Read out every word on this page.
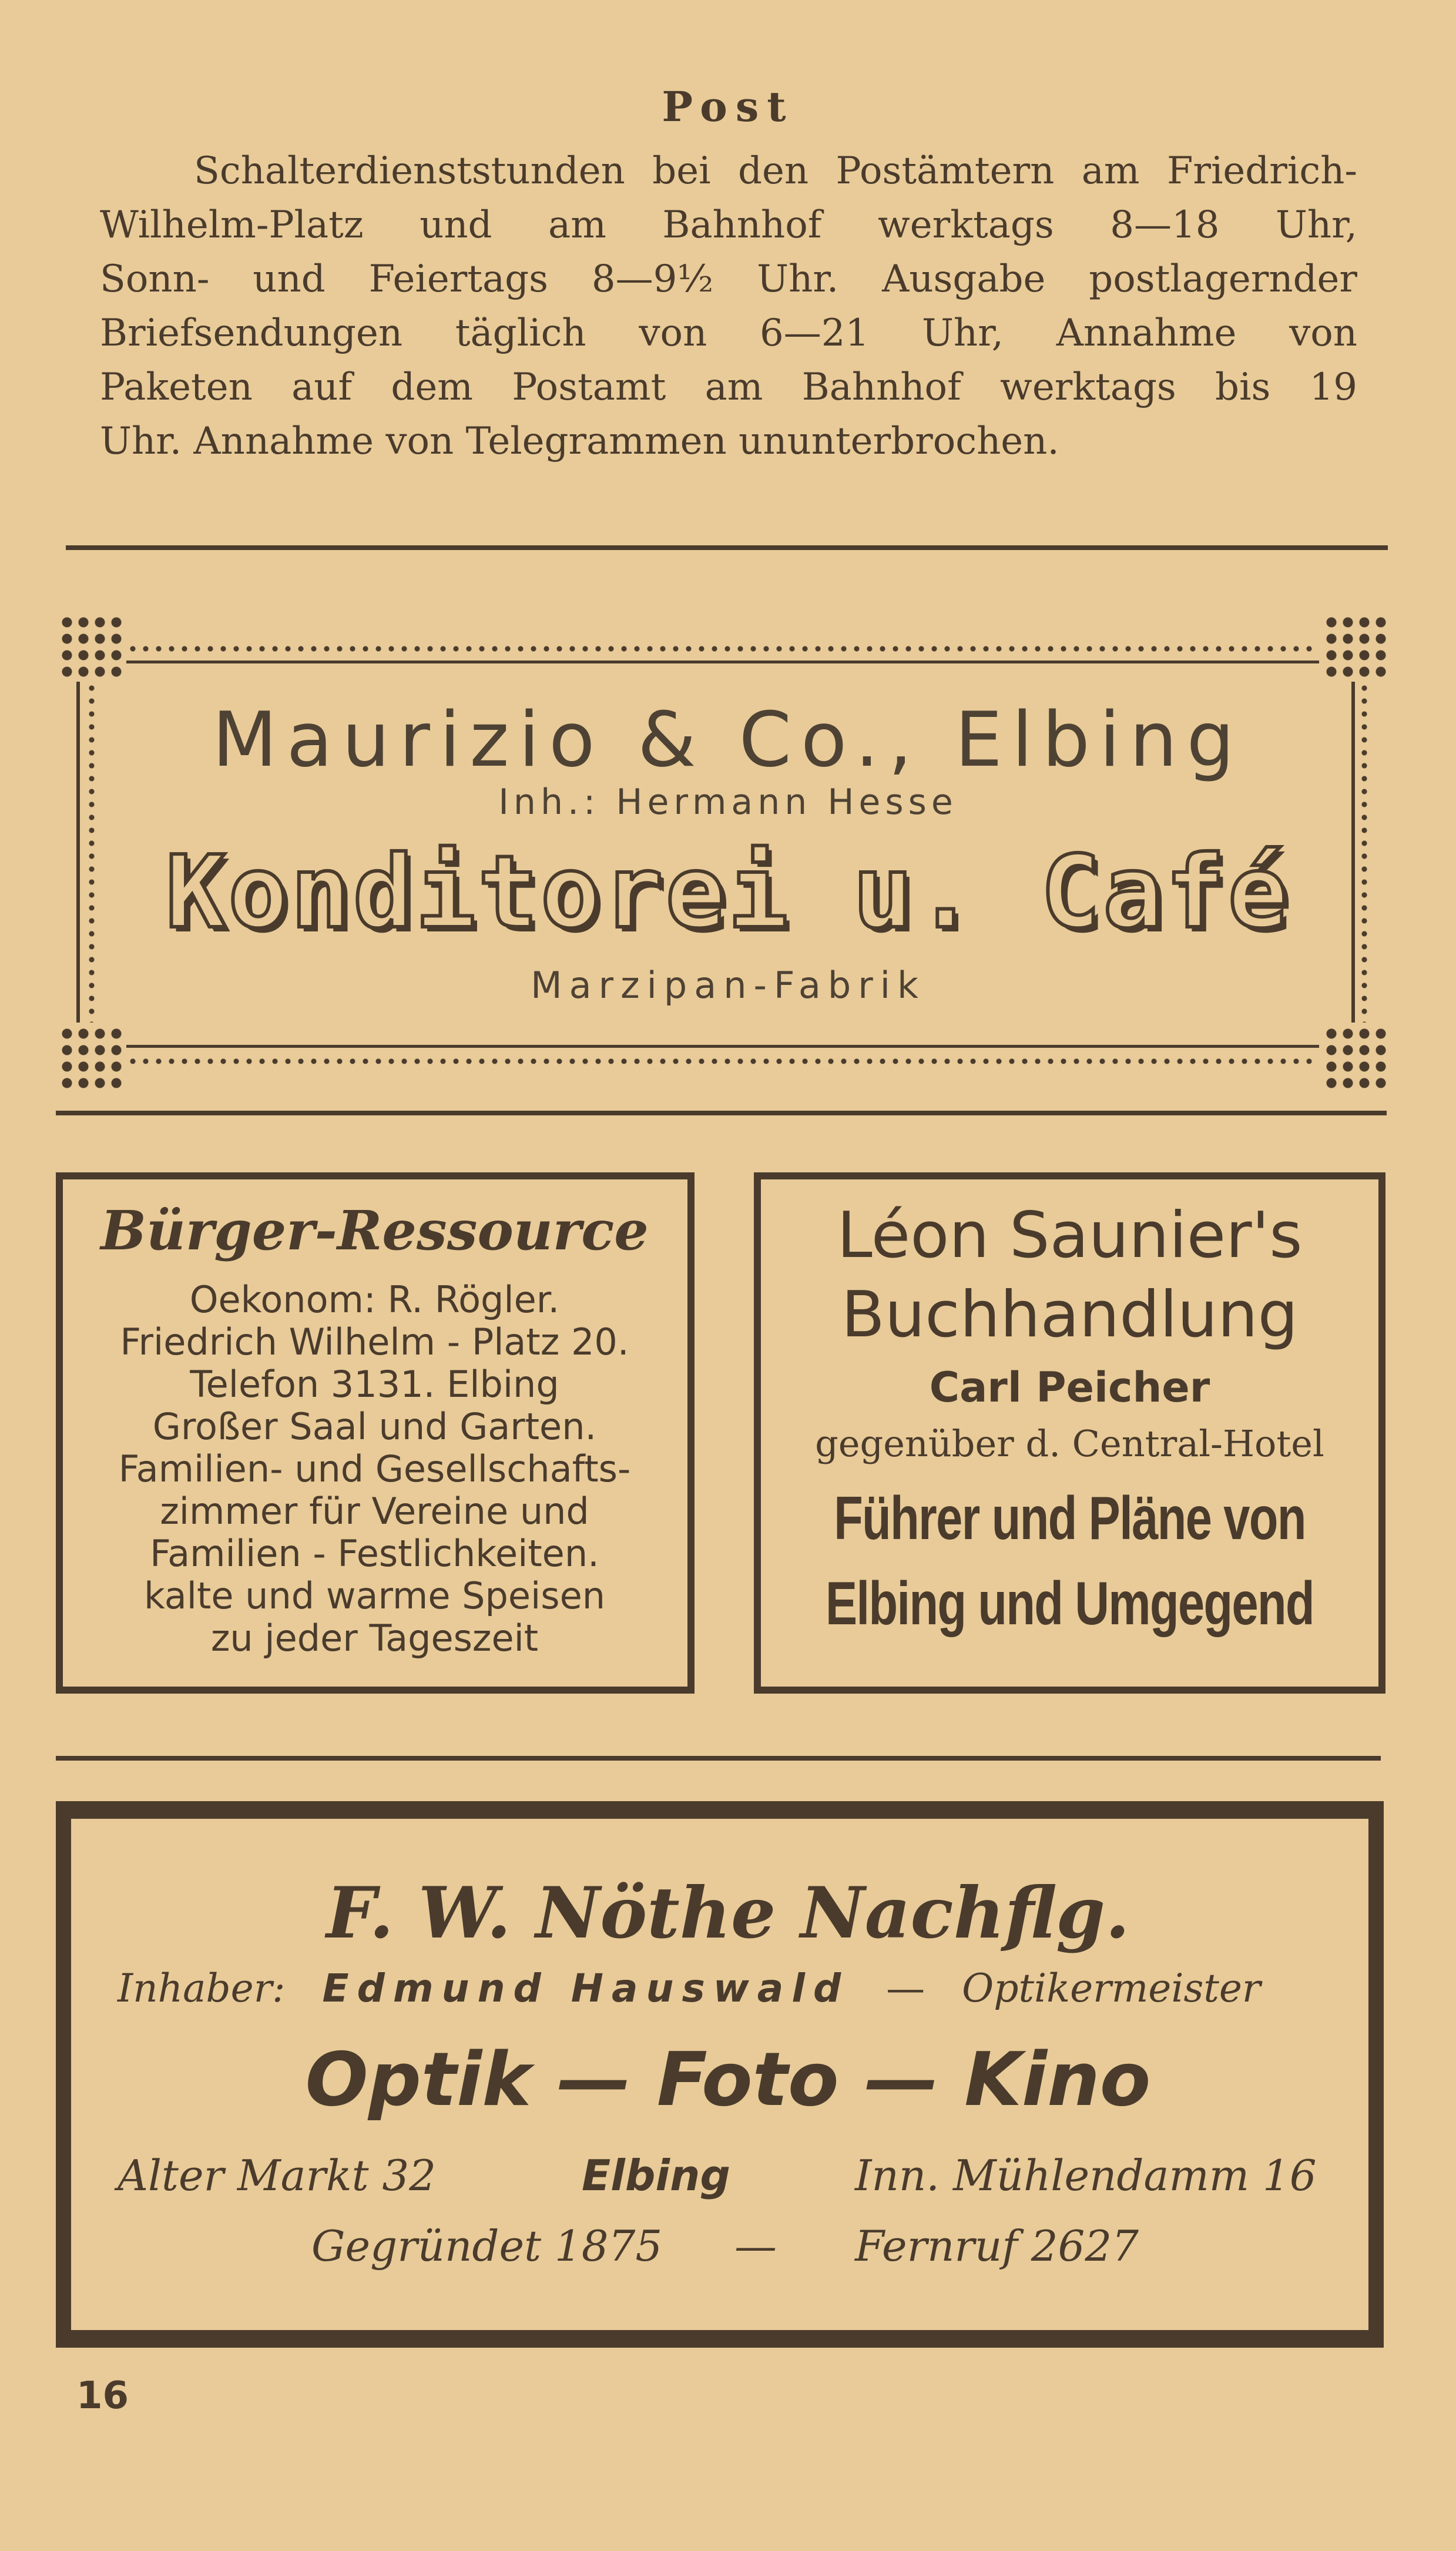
Post
Schalterdienststunden bei den Postämtern am Friedrich-
Wilhelm-Platz und am Bahnhof werktags 8—18 Uhr,
Sonn- und Feiertags 8—9½ Uhr. Ausgabe postlagernder
Briefsendungen täglich von 6—21 Uhr, Annahme von
Paketen auf dem Postamt am Bahnhof werktags bis 19
Uhr. Annahme von Telegrammen ununterbrochen.
Maurizio & Co., Elbing
Inh.: Hermann Hesse
Konditorei u. Café
Marzipan-Fabrik
Bürger-Ressource
Oekonom: R. Rögler.
Friedrich Wilhelm - Platz 20.
Telefon 3131. Elbing
Großer Saal und Garten.
Familien- und Gesellschafts-
zimmer für Vereine und
Familien - Festlichkeiten.
kalte und warme Speisen
zu jeder Tageszeit
Léon Saunier's
Buchhandlung
Carl Peicher
gegenüber d. Central-Hotel
Führer und Pläne von
Elbing und Umgegend
F. W. Nöthe Nachflg.
Inhaber: Edmund Hauswald — Optikermeister
Optik — Foto — Kino
Alter Markt 32	Elbing	Inn. Mühlendamm 16
Gegründet 1875 — Fernruf 2627
16
